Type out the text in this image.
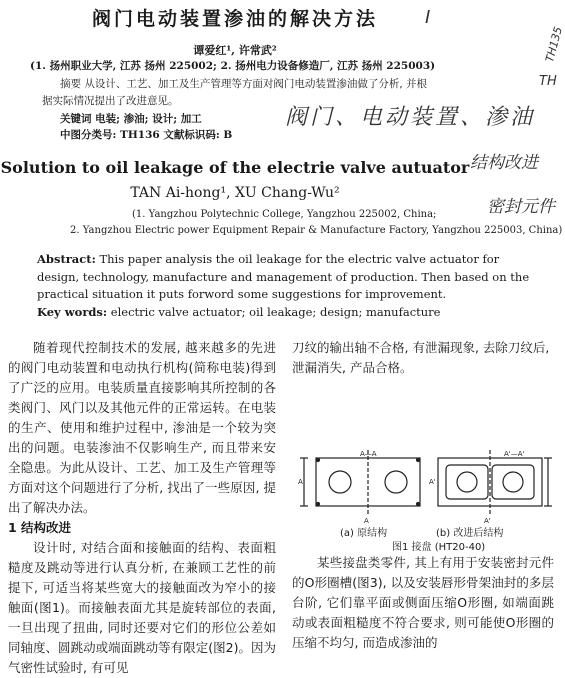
阀门电动装置渗油的解决方法
谭爱红¹, 许常武²
(1. 扬州职业大学, 江苏 扬州 225002; 2. 扬州电力设备修造厂, 江苏 扬州 225003)
摘要 从设计、工艺、加工及生产管理等方面对阀门电动装置渗油做了分析, 并根
据实际情况提出了改进意见。
关键词 电装; 渗油; 设计; 加工
中图分类号: TH136 文献标识码: B
阀门、电动装置、渗油
Ⅰ
TH135
TH
结构改进
密封元件
Solution to oil leakage of the electrie valve autuator
TAN Ai-hong¹, XU Chang-Wu²
(1. Yangzhou Polytechnic College, Yangzhou 225002, China;
2. Yangzhou Electric power Equipment Repair & Manufacture Factory, Yangzhou 225003, China)
Abstract: This paper analysis the oil leakage for the electric valve actuator for design, technology, manufacture and management of production. Then based on the practical situation it puts forword some suggestions for improvement.
Key words: electric valve actuator; oil leakage; design; manufacture

随着现代控制技术的发展, 越来越多的先进的阀门电动装置和电动执行机构(简称电装)得到了广泛的应用。电装质量直接影响其所控制的各类阀门、风门以及其他元件的正常运转。在电装的生产、使用和维护过程中, 渗油是一个较为突出的问题。电装渗油不仅影响生产, 而且带来安全隐患。为此从设计、工艺、加工及生产管理等方面对这个问题进行了分析, 找出了一些原因, 提出了解决办法。

1 结构改进

设计时, 对结合面和接触面的结构、表面粗糙度及跳动等进行认真分析, 在兼顾工艺性的前提下, 可适当将某些宽大的接触面改为窄小的接触面(图1)。而接触表面尤其是旋转部位的表面, 一旦出现了扭曲, 同时还要对它们的形位公差如同轴度、圆跳动或端面跳动等有限定(图2)。因为气密性试验时, 有可见

刀纹的输出轴不合格, 有泄漏现象, 去除刀纹后, 泄漏消失, 产品合格。

A—A
A
A
A'—A'
A'
A'
(a) 原结构	(b) 改进后结构
图1 接盘 (HT20-40)

某些接盘类零件, 其上有用于安装密封元件的O形圈槽(图3), 以及安装唇形骨架油封的多层台阶, 它们靠平面或侧面压缩O形圈, 如端面跳动或表面粗糙度不符合要求, 则可能使O形圈的压缩不均匀, 而造成渗油的
